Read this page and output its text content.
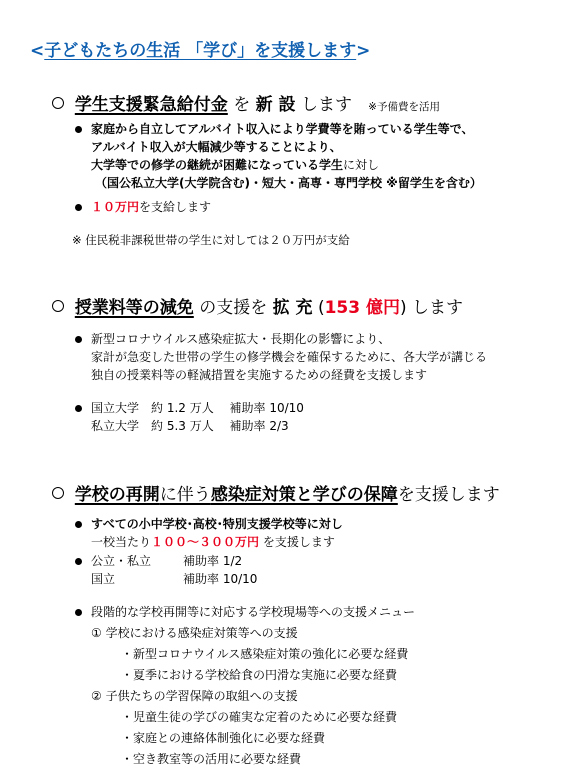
<子どもたちの生活 「学び」を支援します>
学生支援緊急給付金 を 新 設 します ※予備費を活用
家庭から自立してアルバイト収入により学費等を賄っている学生等で、
アルバイト収入が大幅減少等することにより、
大学等での修学の継続が困難になっている学生に対し
（国公私立大学(大学院含む)・短大・高専・専門学校 ※留学生を含む）
１０万円を支給します
※ 住民税非課税世帯の学生に対しては２０万円が支給
授業料等の減免 の支援を 拡 充 (153 億円) します
新型コロナウイルス感染症拡大・長期化の影響により、
家計が急変した世帯の学生の修学機会を確保するために、各大学が講じる
独自の授業料等の軽減措置を実施するための経費を支援します
国立大学　約 1.2 万人　 補助率 10/10
私立大学　約 5.3 万人　 補助率 2/3
学校の再開に伴う感染症対策と学びの保障を支援します
すべての小中学校･高校･特別支援学校等に対し
一校当たり１００～３００万円 を支援します
公立・私立	補助率 1/2
国立	補助率 10/10
段階的な学校再開等に対応する学校現場等への支援メニュー
① 学校における感染症対策等への支援
・新型コロナウイルス感染症対策の強化に必要な経費
・夏季における学校給食の円滑な実施に必要な経費
② 子供たちの学習保障の取組への支援
・児童生徒の学びの確実な定着のために必要な経費
・家庭との連絡体制強化に必要な経費
・空き教室等の活用に必要な経費
